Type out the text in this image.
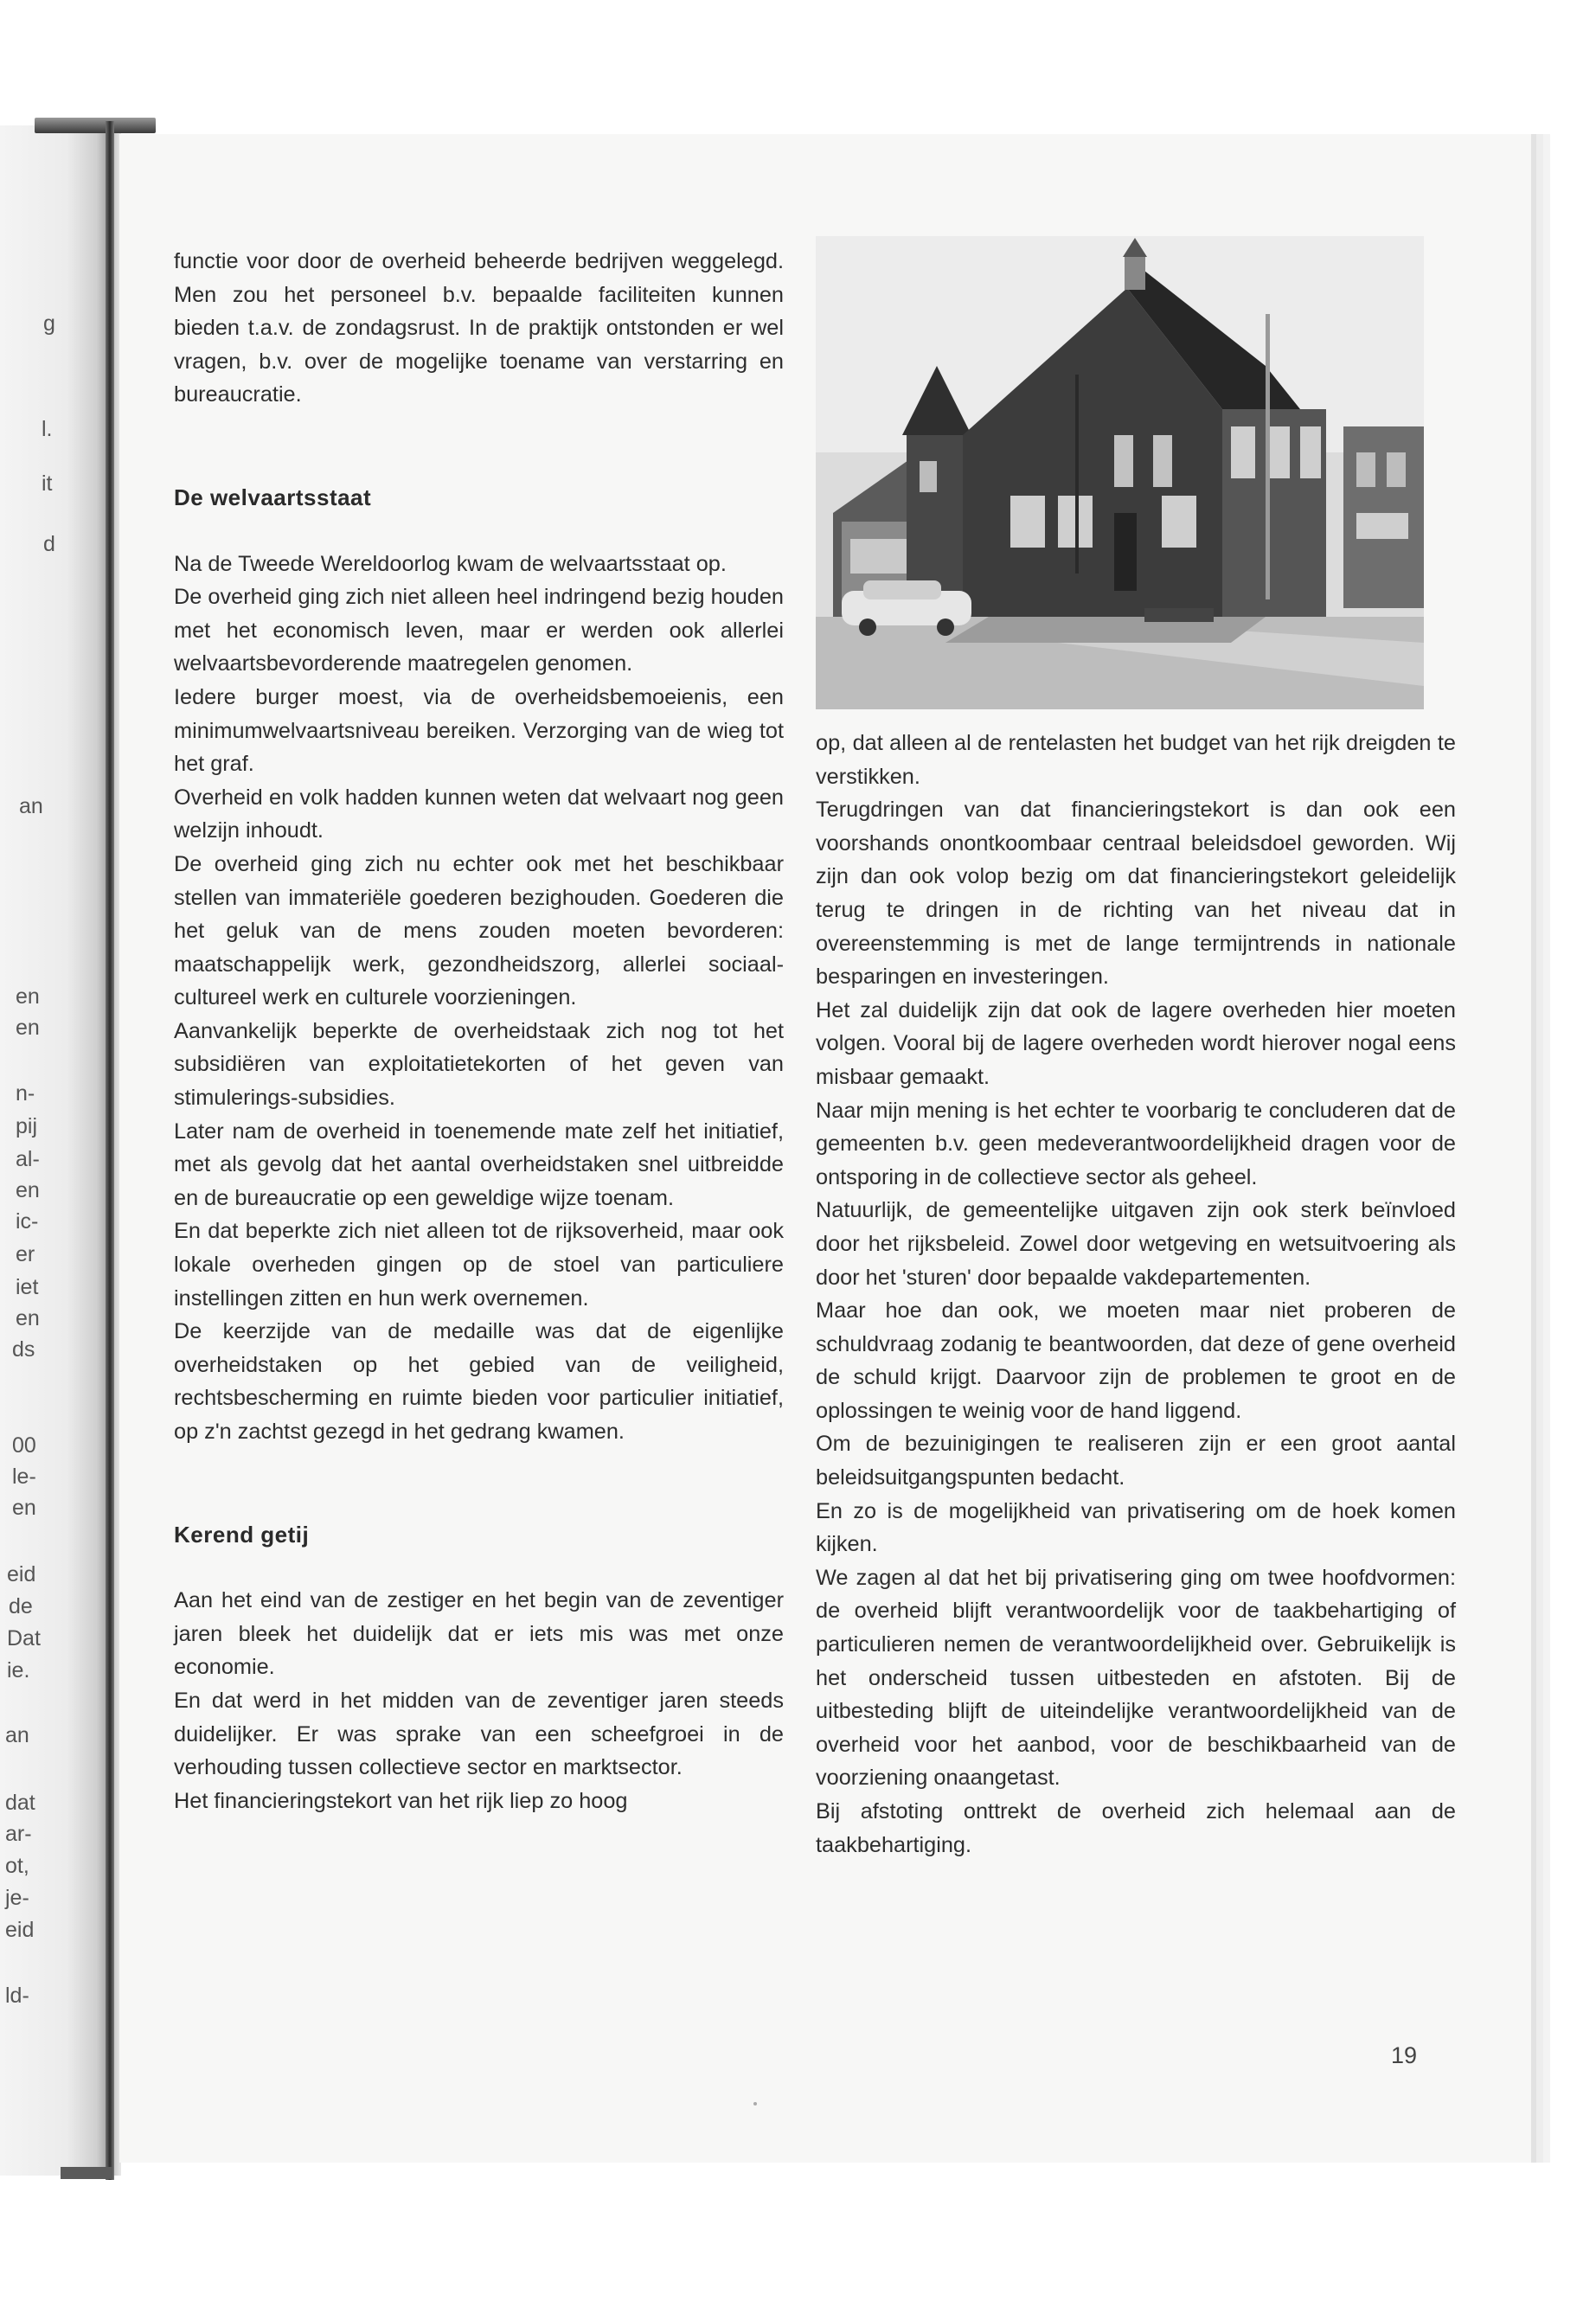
g
l.
it
d
an
en
en
n-
pij
al-
en
ic-
er
iet
en
ds
00
le-
en
eid
de
Dat
ie.
an
dat
ar-
ot,
je-
eid
ld-

functie voor door de overheid beheerde bedrijven weggelegd. Men zou het personeel b.v. bepaalde faciliteiten kunnen bieden t.a.v. de zondagsrust. In de praktijk ontstonden er wel vragen, b.v. over de mogelijke toename van verstarring en bureaucratie.

De welvaartsstaat

Na de Tweede Wereldoorlog kwam de welvaartsstaat op.

De overheid ging zich niet alleen heel indringend bezig houden met het economisch leven, maar er werden ook allerlei welvaartsbevorderende maatregelen genomen.

Iedere burger moest, via de overheidsbemoeienis, een minimumwelvaartsniveau bereiken. Verzorging van de wieg tot het graf.

Overheid en volk hadden kunnen weten dat welvaart nog geen welzijn inhoudt.

De overheid ging zich nu echter ook met het beschikbaar stellen van immateriële goederen bezighouden. Goederen die het geluk van de mens zouden moeten bevorderen: maatschappelijk werk, gezondheidszorg, allerlei sociaal-cultureel werk en culturele voorzieningen.

Aanvankelijk beperkte de overheidstaak zich nog tot het subsidiëren van exploitatietekorten of het geven van stimulerings-subsidies.

Later nam de overheid in toenemende mate zelf het initiatief, met als gevolg dat het aantal overheidstaken snel uitbreidde en de bureaucratie op een geweldige wijze toenam.

En dat beperkte zich niet alleen tot de rijksoverheid, maar ook lokale overheden gingen op de stoel van particuliere instellingen zitten en hun werk overnemen.

De keerzijde van de medaille was dat de eigenlijke overheidstaken op het gebied van de veiligheid, rechtsbescherming en ruimte bieden voor particulier initiatief, op z'n zachtst gezegd in het gedrang kwamen.

Kerend getij

Aan het eind van de zestiger en het begin van de zeventiger jaren bleek het duidelijk dat er iets mis was met onze economie.

En dat werd in het midden van de zeventiger jaren steeds duidelijker. Er was sprake van een scheefgroei in de verhouding tussen collectieve sector en marktsector.

Het financieringstekort van het rijk liep zo hoog

op, dat alleen al de rentelasten het budget van het rijk dreigden te verstikken.

Terugdringen van dat financieringstekort is dan ook een voorshands onontkoombaar centraal beleidsdoel geworden. Wij zijn dan ook volop bezig om dat financieringstekort geleidelijk terug te dringen in de richting van het niveau dat in overeenstemming is met de lange termijntrends in nationale besparingen en investeringen.

Het zal duidelijk zijn dat ook de lagere overheden hier moeten volgen. Vooral bij de lagere overheden wordt hierover nogal eens misbaar gemaakt.

Naar mijn mening is het echter te voorbarig te concluderen dat de gemeenten b.v. geen medeverantwoordelijkheid dragen voor de ontsporing in de collectieve sector als geheel.

Natuurlijk, de gemeentelijke uitgaven zijn ook sterk beïnvloed door het rijksbeleid. Zowel door wetgeving en wetsuitvoering als door het 'sturen' door bepaalde vakdepartementen.

Maar hoe dan ook, we moeten maar niet proberen de schuldvraag zodanig te beantwoorden, dat deze of gene overheid de schuld krijgt. Daarvoor zijn de problemen te groot en de oplossingen te weinig voor de hand liggend.

Om de bezuinigingen te realiseren zijn er een groot aantal beleidsuitgangspunten bedacht.

En zo is de mogelijkheid van privatisering om de hoek komen kijken.

We zagen al dat het bij privatisering ging om twee hoofdvormen: de overheid blijft verantwoordelijk voor de taakbehartiging of particulieren nemen de verantwoordelijkheid over. Gebruikelijk is het onderscheid tussen uitbesteden en afstoten. Bij de uitbesteding blijft de uiteindelijke verantwoordelijkheid van de overheid voor het aanbod, voor de beschikbaarheid van de voorziening onaangetast.

Bij afstoting onttrekt de overheid zich helemaal aan de taakbehartiging.

19
